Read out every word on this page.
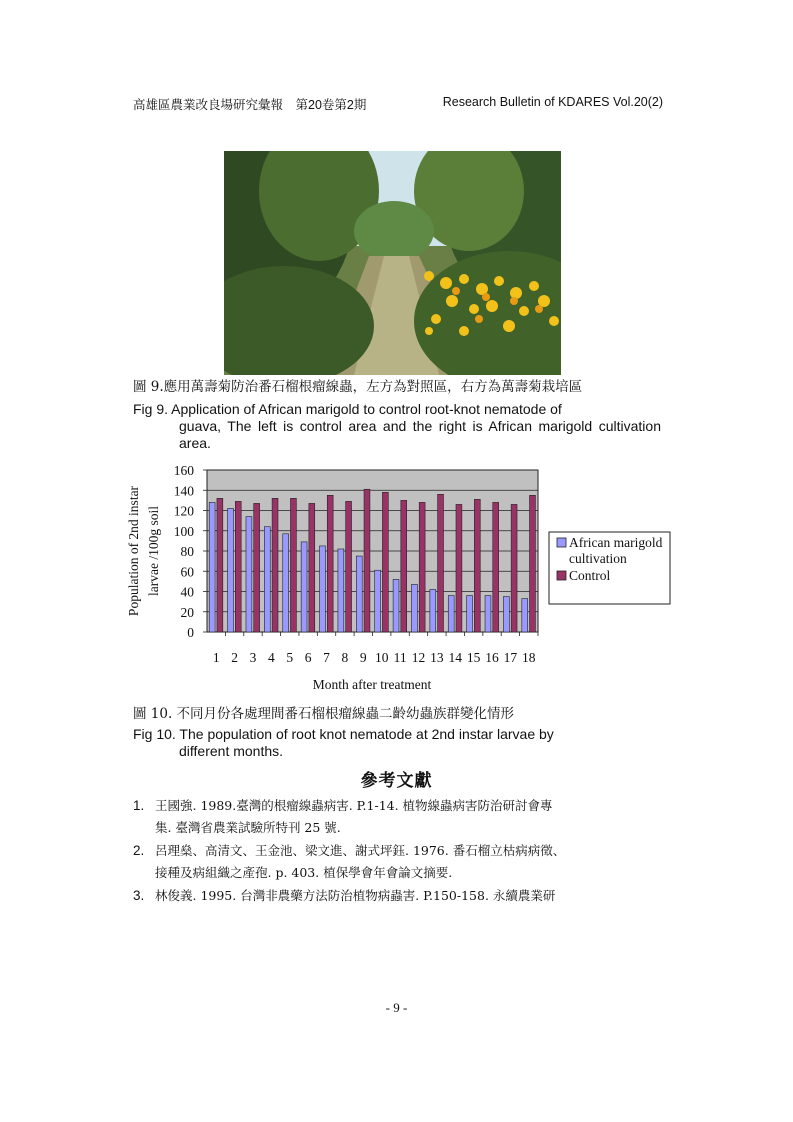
高雄區農業改良場研究彙報　第20卷第2期	Research Bulletin of KDARES Vol.20(2)
圖 9.應用萬壽菊防治番石榴根瘤線蟲，左方為對照區，右方為萬壽菊栽培區
Fig 9. Application of African marigold to control root-knot nematode of
guava, The left is control area and the right is African marigold cultivation area.
0
20
40
60
80
100
120
140
160
1 2 3 4 5 6 7 8 9 10 11 12 13 14 15 16 17 18
Population of 2nd instar larvae /100g soil
Month after treatment
African marigold
cultivation
Control
圖 10. 不同月份各處理間番石榴根瘤線蟲二齡幼蟲族群變化情形
Fig 10. The population of root knot nematode at 2nd instar larvae by
different months.
參考文獻
1. 王國強. 1989.臺灣的根瘤線蟲病害. P.1-14. 植物線蟲病害防治研討會專
集. 臺灣省農業試驗所特刊 25 號.
2. 呂理燊、高清文、王金池、梁文進、謝式坪鈺. 1976. 番石榴立枯病病徵、
接種及病組織之產孢. p. 403. 植保學會年會論文摘要.
3. 林俊義. 1995. 台灣非農藥方法防治植物病蟲害. P.150-158. 永續農業研
- 9 -
